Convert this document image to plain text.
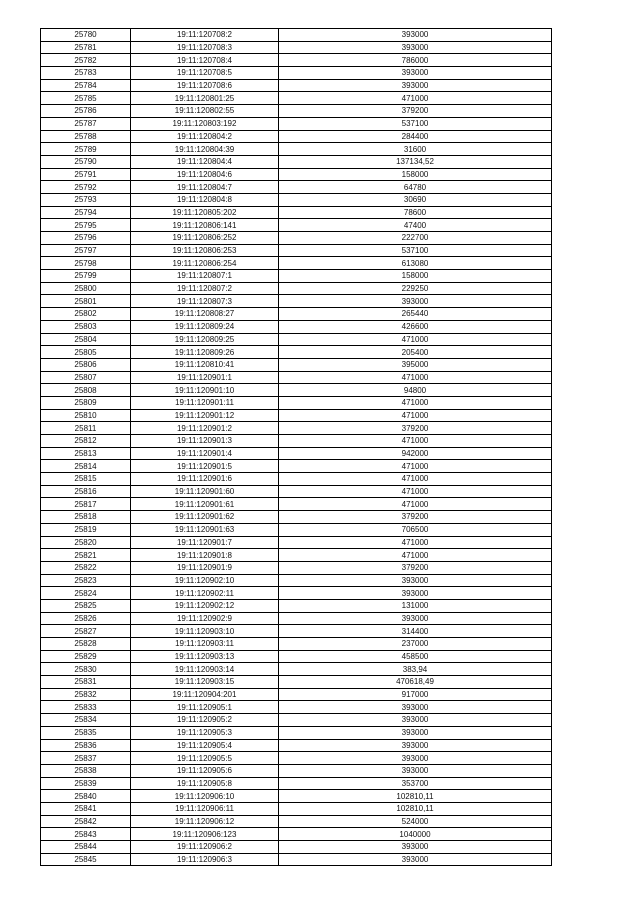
25780	19:11:120708:2	393000
25781	19:11:120708:3	393000
25782	19:11:120708:4	786000
25783	19:11:120708:5	393000
25784	19:11:120708:6	393000
25785	19:11:120801:25	471000
25786	19:11:120802:55	379200
25787	19:11:120803:192	537100
25788	19:11:120804:2	284400
25789	19:11:120804:39	31600
25790	19:11:120804:4	137134,52
25791	19:11:120804:6	158000
25792	19:11:120804:7	64780
25793	19:11:120804:8	30690
25794	19:11:120805:202	78600
25795	19:11:120806:141	47400
25796	19:11:120806:252	222700
25797	19:11:120806:253	537100
25798	19:11:120806:254	613080
25799	19:11:120807:1	158000
25800	19:11:120807:2	229250
25801	19:11:120807:3	393000
25802	19:11:120808:27	265440
25803	19:11:120809:24	426600
25804	19:11:120809:25	471000
25805	19:11:120809:26	205400
25806	19:11:120810:41	395000
25807	19:11:120901:1	471000
25808	19:11:120901:10	94800
25809	19:11:120901:11	471000
25810	19:11:120901:12	471000
25811	19:11:120901:2	379200
25812	19:11:120901:3	471000
25813	19:11:120901:4	942000
25814	19:11:120901:5	471000
25815	19:11:120901:6	471000
25816	19:11:120901:60	471000
25817	19:11:120901:61	471000
25818	19:11:120901:62	379200
25819	19:11:120901:63	706500
25820	19:11:120901:7	471000
25821	19:11:120901:8	471000
25822	19:11:120901:9	379200
25823	19:11:120902:10	393000
25824	19:11:120902:11	393000
25825	19:11:120902:12	131000
25826	19:11:120902:9	393000
25827	19:11:120903:10	314400
25828	19:11:120903:11	237000
25829	19:11:120903:13	458500
25830	19:11:120903:14	383,94
25831	19:11:120903:15	470618,49
25832	19:11:120904:201	917000
25833	19:11:120905:1	393000
25834	19:11:120905:2	393000
25835	19:11:120905:3	393000
25836	19:11:120905:4	393000
25837	19:11:120905:5	393000
25838	19:11:120905:6	393000
25839	19:11:120905:8	353700
25840	19:11:120906:10	102810,11
25841	19:11:120906:11	102810,11
25842	19:11:120906:12	524000
25843	19:11:120906:123	1040000
25844	19:11:120906:2	393000
25845	19:11:120906:3	393000
